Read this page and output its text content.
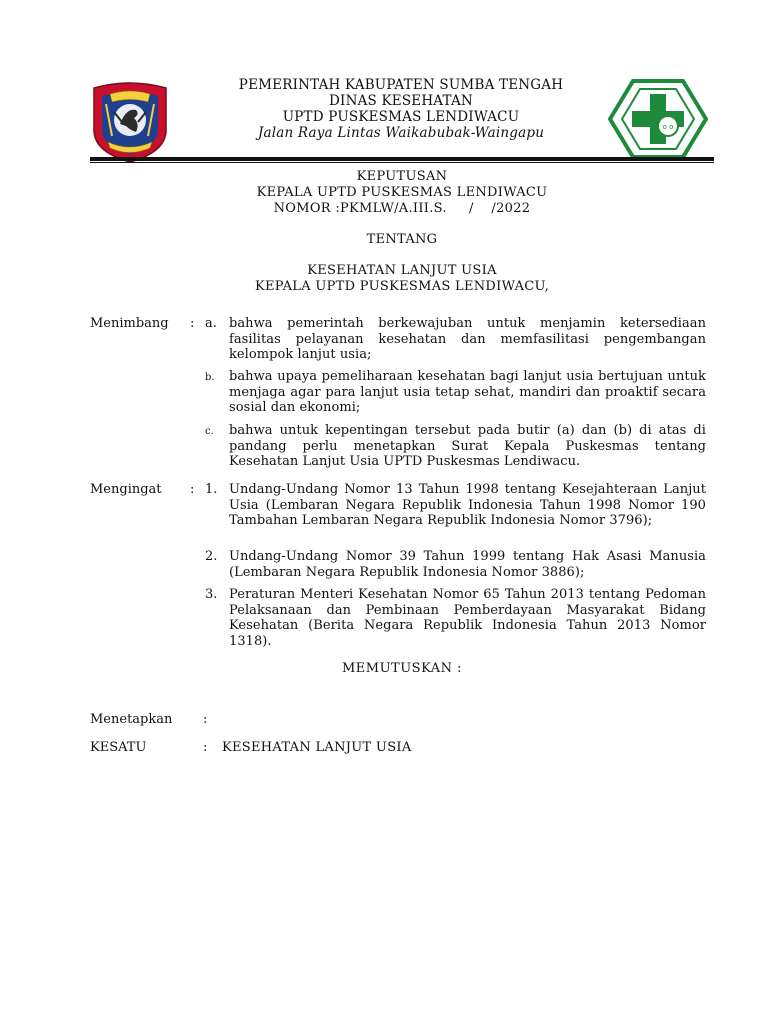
PEMERINTAH KABUPATEN SUMBA TENGAH
DINAS KESEHATAN
UPTD PUSKESMAS LENDIWACU
Jalan Raya Lintas Waikabubak-Waingapu	o o
KEPUTUSAN
KEPALA UPTD PUSKESMAS LENDIWACU
NOMOR :PKMLW/A.III.S.     /    /2022
TENTANG
KESEHATAN LANJUT USIA
KEPALA UPTD PUSKESMAS LENDIWACU,
Menimbang : a. bahwa pemerintah berkewajuban untuk menjamin ketersediaan fasilitas pelayanan kesehatan dan memfasilitasi pengembangan kelompok lanjut usia;
b.	bahwa upaya pemeliharaan kesehatan bagi lanjut usia bertujuan untuk menjaga agar para lanjut usia tetap sehat, mandiri dan proaktif secara sosial dan ekonomi;
c.	bahwa untuk kepentingan tersebut pada butir (a) dan (b) di atas di pandang perlu menetapkan Surat Kepala Puskesmas tentang Kesehatan Lanjut Usia UPTD Puskesmas Lendiwacu.
Mengingat : 1. Undang-Undang Nomor 13 Tahun 1998 tentang Kesejahteraan Lanjut Usia (Lembaran Negara Republik Indonesia Tahun 1998 Nomor 190 Tambahan Lembaran Negara Republik Indonesia Nomor 3796);
2. Undang-Undang Nomor 39 Tahun 1999 tentang Hak Asasi Manusia (Lembaran Negara Republik Indonesia Nomor 3886);
3. Peraturan Menteri Kesehatan Nomor 65 Tahun 2013 tentang Pedoman Pelaksanaan dan Pembinaan Pemberdayaan Masyarakat Bidang Kesehatan (Berita Negara Republik Indonesia Tahun 2013 Nomor 1318).
MEMUTUSKAN :
Menetapkan :
KESATU	: KESEHATAN LANJUT USIA
